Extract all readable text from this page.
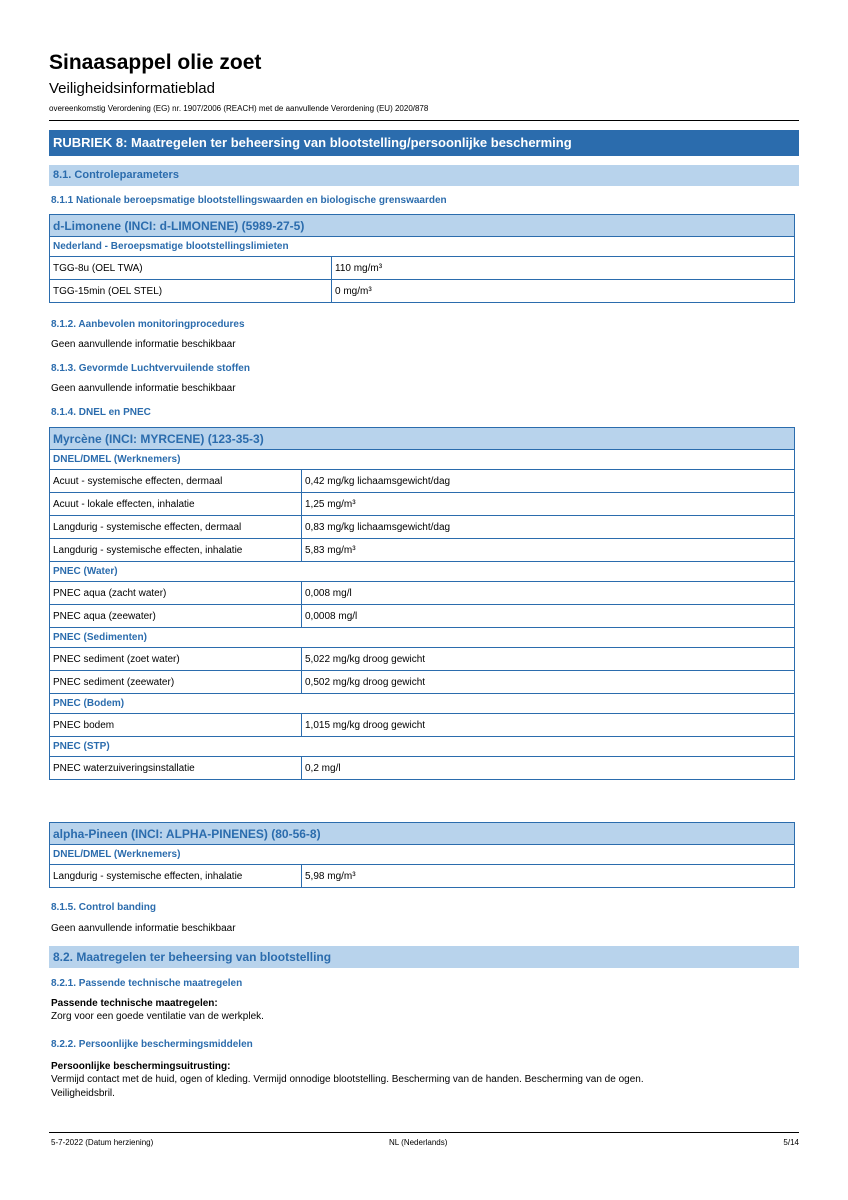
Sinaasappel olie zoet
Veiligheidsinformatieblad
overeenkomstig Verordening (EG) nr. 1907/2006 (REACH) met de aanvullende Verordening (EU) 2020/878
RUBRIEK 8: Maatregelen ter beheersing van blootstelling/persoonlijke bescherming
8.1. Controleparameters
8.1.1 Nationale beroepsmatige blootstellingswaarden en biologische grenswaarden
d-Limonene (INCI: d-LIMONENE) (5989-27-5)	
Nederland - Beroepsmatige blootstellingslimieten	
TGG-8u (OEL TWA)	110 mg/m³
TGG-15min (OEL STEL)	0 mg/m³
8.1.2. Aanbevolen monitoringprocedures
Geen aanvullende informatie beschikbaar
8.1.3. Gevormde Luchtvervuilende stoffen
Geen aanvullende informatie beschikbaar
8.1.4. DNEL en PNEC
Myrcène (INCI: MYRCENE) (123-35-3)	
DNEL/DMEL (Werknemers)	
Acuut - systemische effecten, dermaal	0,42 mg/kg lichaamsgewicht/dag
Acuut - lokale effecten, inhalatie	1,25 mg/m³
Langdurig - systemische effecten, dermaal	0,83 mg/kg lichaamsgewicht/dag
Langdurig - systemische effecten, inhalatie	5,83 mg/m³
PNEC (Water)	
PNEC aqua (zacht water)	0,008 mg/l
PNEC aqua (zeewater)	0,0008 mg/l
PNEC (Sedimenten)	
PNEC sediment (zoet water)	5,022 mg/kg droog gewicht
PNEC sediment (zeewater)	0,502 mg/kg droog gewicht
PNEC (Bodem)	
PNEC bodem	1,015 mg/kg droog gewicht
PNEC (STP)	
PNEC waterzuiveringsinstallatie	0,2 mg/l
alpha-Pineen (INCI: ALPHA-PINENES) (80-56-8)
DNEL/DMEL (Werknemers)
Langdurig - systemische effecten, inhalatie	5,98 mg/m³
8.1.5. Control banding
Geen aanvullende informatie beschikbaar
8.2. Maatregelen ter beheersing van blootstelling
8.2.1. Passende technische maatregelen
Passende technische maatregelen:
Zorg voor een goede ventilatie van de werkplek.
8.2.2. Persoonlijke beschermingsmiddelen
Persoonlijke beschermingsuitrusting:
Vermijd contact met de huid, ogen of kleding. Vermijd onnodige blootstelling. Bescherming van de handen. Bescherming van de ogen.
Veiligheidsbril.
5-7-2022 (Datum herziening)	NL (Nederlands)	5/14
